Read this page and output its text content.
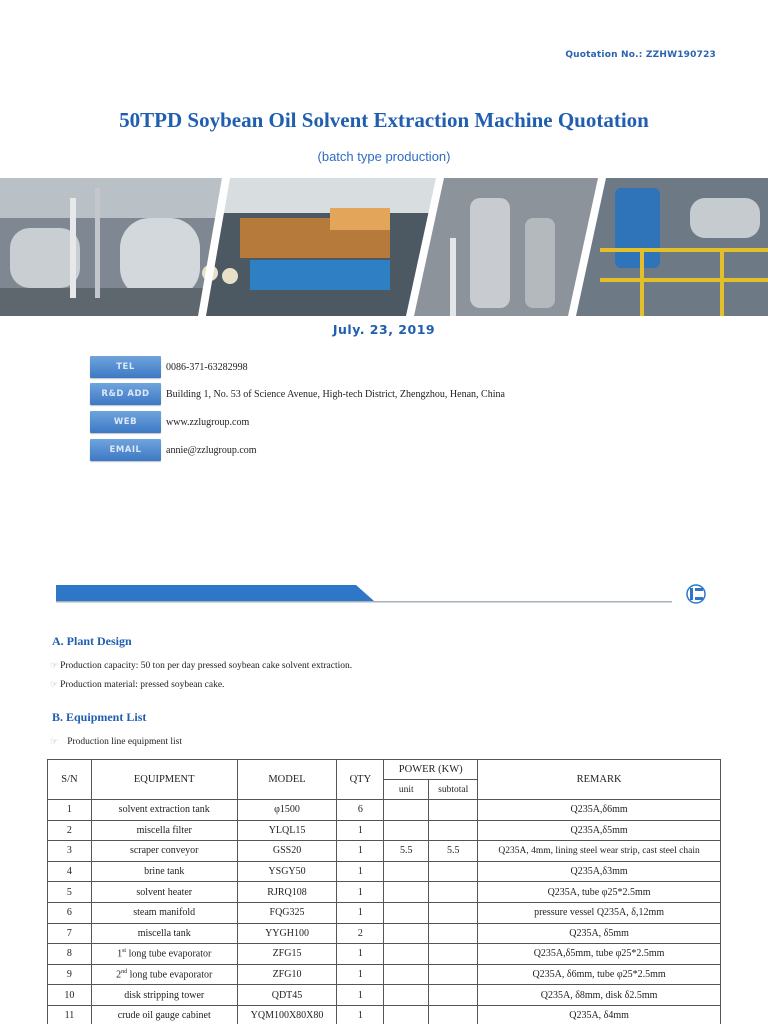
Quotation No.: ZZHW190723
50TPD Soybean Oil Solvent Extraction Machine Quotation
(batch type production)
July. 23, 2019
TEL	0086-371-63282998
R&D ADD	Building 1, No. 53 of Science Avenue, High-tech District, Zhengzhou, Henan, China
WEB	www.zzlugroup.com
EMAIL	annie@zzlugroup.com
A. Plant Design
☞ Production capacity: 50 ton per day pressed soybean cake solvent extraction.
☞ Production material: pressed soybean cake.
B. Equipment List
☞ Production line equipment list
S/N	EQUIPMENT	MODEL	QTY	POWER (KW)		REMARK
				unit	subtotal	
1	solvent extraction tank	φ1500	6			Q235A,δ6mm
2	miscella filter	YLQL15	1			Q235A,δ5mm
3	scraper conveyor	GSS20	1	5.5	5.5	Q235A, 4mm, lining steel wear strip, cast steel chain
4	brine tank	YSGY50	1			Q235A,δ3mm
5	solvent heater	RJRQ108	1			Q235A, tube φ25*2.5mm
6	steam manifold	FQG325	1			pressure vessel Q235A, δ,12mm
7	miscella tank	YYGH100	2			Q235A, δ5mm
8	1st long tube evaporator	ZFG15	1			Q235A,δ5mm, tube φ25*2.5mm
9	2nd long tube evaporator	ZFG10	1			Q235A, δ6mm, tube φ25*2.5mm
10	disk stripping tower	QDT45	1			Q235A, δ8mm, disk δ2.5mm
11	crude oil gauge cabinet	YQM100X80X80	1			Q235A, δ4mm
